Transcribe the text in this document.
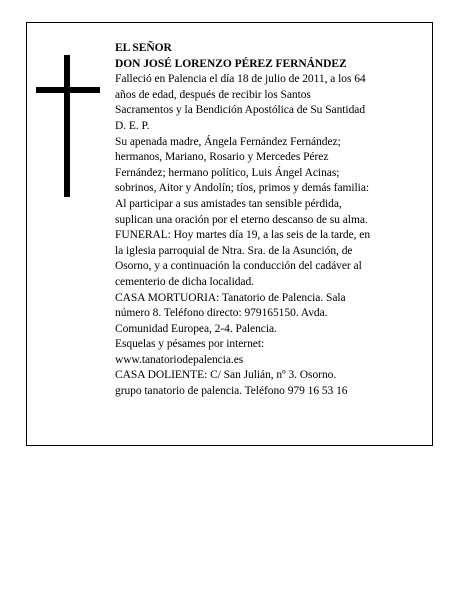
EL SEÑOR
DON JOSÉ LORENZO PÉREZ FERNÁNDEZ
Falleció en Palencia el día 18 de julio de 2011, a los 64
años de edad, después de recibir los Santos
Sacramentos y la Bendición Apostólica de Su Santidad
D. E. P.
Su apenada madre, Ángela Fernández Fernández;
hermanos, Mariano, Rosario y Mercedes Pérez
Fernández; hermano político, Luis Ángel Acinas;
sobrinos, Aitor y Andolín; tíos, primos y demás familia:
Al participar a sus amistades tan sensible pérdida,
suplican una oración por el eterno descanso de su alma.
FUNERAL: Hoy martes día 19, a las seis de la tarde, en
la iglesia parroquial de Ntra. Sra. de la Asunción, de
Osorno, y a continuación la conducción del cadáver al
cementerio de dicha localidad.
CASA MORTUORIA: Tanatorio de Palencia. Sala
número 8. Teléfono directo: 979165150. Avda.
Comunidad Europea, 2-4. Palencia.
Esquelas y pésames por internet:
www.tanatoriodepalencia.es
CASA DOLIENTE: C/ San Julián, nº 3. Osorno.
grupo tanatorio de palencia. Teléfono 979 16 53 16
